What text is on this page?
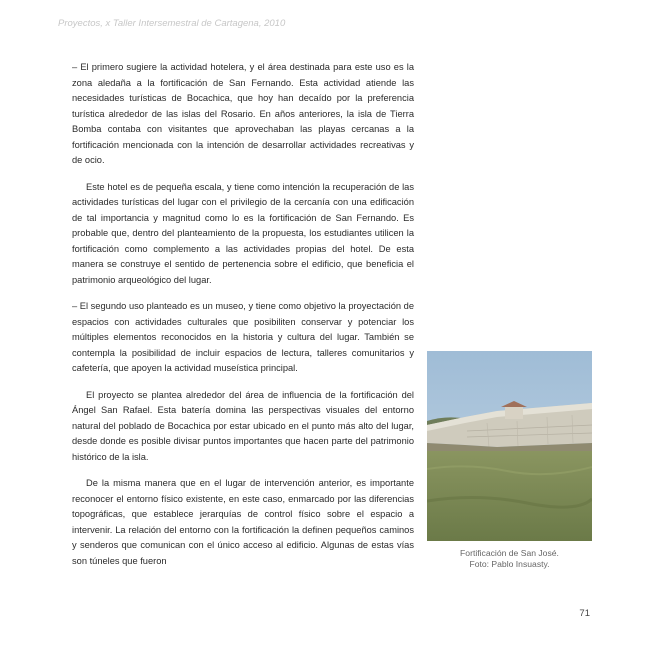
Proyectos, x Taller Intersemestral de Cartagena, 2010

– El primero sugiere la actividad hotelera, y el área destinada para este uso es la zona aledaña a la fortificación de San Fernando. Esta actividad atiende las necesidades turísticas de Bocachica, que hoy han decaído por la preferencia turística alrededor de las islas del Rosario. En años anteriores, la isla de Tierra Bomba contaba con visitantes que aprovechaban las playas cercanas a la fortificación mencionada con la intención de desarrollar actividades recreativas y de ocio.

Este hotel es de pequeña escala, y tiene como intención la recuperación de las actividades turísticas del lugar con el privilegio de la cercanía con una edificación de tal importancia y magnitud como lo es la fortificación de San Fernando. Es probable que, dentro del planteamiento de la propuesta, los estudiantes utilicen la fortificación como complemento a las actividades propias del hotel. De esta manera se construye el sentido de pertenencia sobre el edificio, que beneficia el patrimonio arqueológico del lugar.

– El segundo uso planteado es un museo, y tiene como objetivo la proyectación de espacios con actividades culturales que posibiliten conservar y potenciar los múltiples elementos reconocidos en la historia y cultura del lugar. También se contempla la posibilidad de incluir espacios de lectura, talleres comunitarios y cafetería, que apoyen la actividad museística principal.

El proyecto se plantea alrededor del área de influencia de la fortificación del Ángel San Rafael. Esta batería domina las perspectivas visuales del entorno natural del poblado de Bocachica por estar ubicado en el punto más alto del lugar, desde donde es posible divisar puntos importantes que hacen parte del patrimonio histórico de la isla.

De la misma manera que en el lugar de intervención anterior, es importante reconocer el entorno físico existente, en este caso, enmarcado por las diferencias topográficas, que establece jerarquías de control físico sobre el espacio a intervenir. La relación del entorno con la fortificación la definen pequeños caminos y senderos que comunican con el único acceso al edificio. Algunas de estas vías son túneles que fueron

Fortificación de San José.
Foto: Pablo Insuasty.
71
